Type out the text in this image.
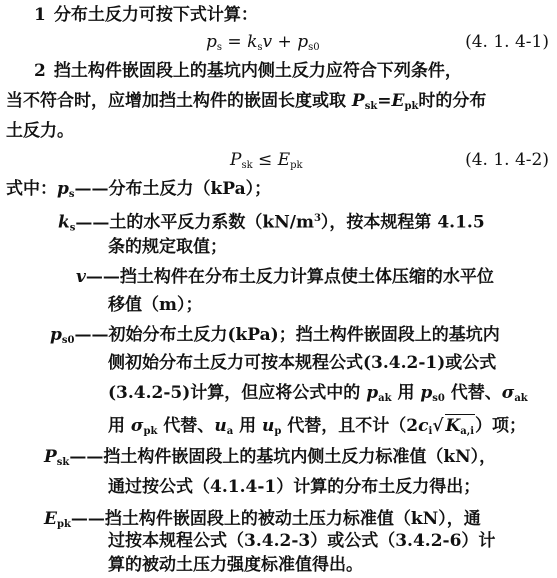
1 分布土反力可按下式计算：
$p_s = k_sv + p_{s0}$	(4. 1. 4-1)
2 挡土构件嵌固段上的基坑内侧土反力应符合下列条件，
当不符合时，应增加挡土构件的嵌固长度或取 $P_{sk}=E_{pk}$时的分布
土反力。
$P_{sk} \le E_{pk}$	(4. 1. 4-2)
式中：$p_s——$分布土反力（kPa）；
$k_s——$土的水平反力系数$(kN/m^3)$，按本规程第 4.1.5
条的规定取值；
v——挡土构件在分布土反力计算点使土体压缩的水平位
移值（m）；
$p_{s0}——$初始分布土反力(kPa)；挡土构件嵌固段上的基坑内
侧初始分布土反力可按本规程公式(3.4.2-1)或公式
(3.4.2-5)计算，但应将公式中的 $p_{ak}$ 用 $p_{s0}$ 代替、$\sigma_{ak}$
用 $\sigma_{pk}$ 代替、$u_a$ 用 $u_p$ 代替，且不计（$2c_i√$ $K_{a,i}$）项；
$P_{sk}——$挡土构件嵌固段上的基坑内侧土反力标准值（kN），
通过按公式（4.1.4-1）计算的分布土反力得出；
$E_{pk}——$挡土构件嵌固段上的被动土压力标准值（kN），通
过按本规程公式（3.4.2-3）或公式（3.4.2-6）计
算的被动土压力强度标准值得出。
